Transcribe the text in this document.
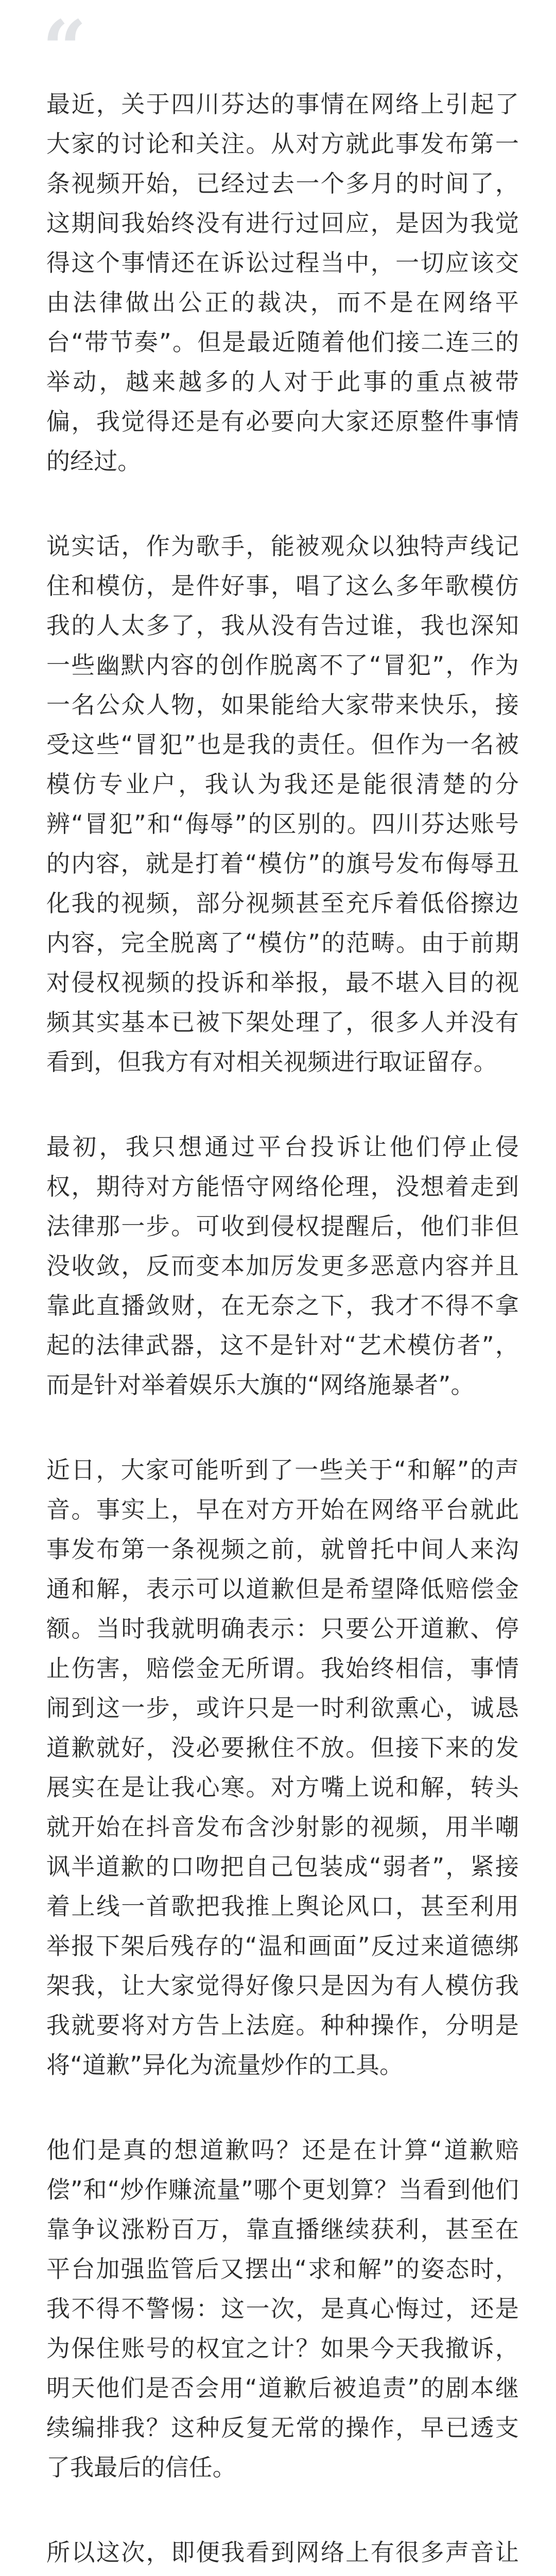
“

最近，关于四川芬达的事情在网络上引起了大家的讨论和关注。从对方就此事发布第一条视频开始，已经过去一个多月的时间了，这期间我始终没有进行过回应，是因为我觉得这个事情还在诉讼过程当中，一切应该交由法律做出公正的裁决，而不是在网络平台“带节奏”。但是最近随着他们接二连三的举动，越来越多的人对于此事的重点被带偏，我觉得还是有必要向大家还原整件事情的经过。

说实话，作为歌手，能被观众以独特声线记住和模仿，是件好事，唱了这么多年歌模仿我的人太多了，我从没有告过谁，我也深知一些幽默内容的创作脱离不了“冒犯”，作为一名公众人物，如果能给大家带来快乐，接受这些“冒犯”也是我的责任。但作为一名被模仿专业户，我认为我还是能很清楚的分辨“冒犯”和“侮辱”的区别的。四川芬达账号的内容，就是打着“模仿”的旗号发布侮辱丑化我的视频，部分视频甚至充斥着低俗擦边内容，完全脱离了“模仿”的范畴。由于前期对侵权视频的投诉和举报，最不堪入目的视频其实基本已被下架处理了，很多人并没有看到，但我方有对相关视频进行取证留存。

最初，我只想通过平台投诉让他们停止侵权，期待对方能悟守网络伦理，没想着走到法律那一步。可收到侵权提醒后，他们非但没收敛，反而变本加厉发更多恶意内容并且靠此直播敛财，在无奈之下，我才不得不拿起的法律武器，这不是针对“艺术模仿者”，而是针对举着娱乐大旗的“网络施暴者”。

近日，大家可能听到了一些关于“和解”的声音。事实上，早在对方开始在网络平台就此事发布第一条视频之前，就曾托中间人来沟通和解，表示可以道歉但是希望降低赔偿金额。当时我就明确表示：只要公开道歉、停止伤害，赔偿金无所谓。我始终相信，事情闹到这一步，或许只是一时利欲熏心，诚恳道歉就好，没必要揪住不放。但接下来的发展实在是让我心寒。对方嘴上说和解，转头就开始在抖音发布含沙射影的视频，用半嘲讽半道歉的口吻把自己包装成“弱者”，紧接着上线一首歌把我推上舆论风口，甚至利用举报下架后残存的“温和画面”反过来道德绑架我，让大家觉得好像只是因为有人模仿我我就要将对方告上法庭。种种操作，分明是将“道歉”异化为流量炒作的工具。

他们是真的想道歉吗？还是在计算“道歉赔偿”和“炒作赚流量”哪个更划算？当看到他们靠争议涨粉百万，靠直播继续获利，甚至在平台加强监管后又摆出“求和解”的姿态时，我不得不警惕：这一次，是真心悔过，还是为保住账号的权宜之计？如果今天我撤诉，明天他们是否会用“道歉后被追责”的剧本继续编排我？这种反复无常的操作，早已透支了我最后的信任。

所以这次，即便我看到网络上有很多声音让
